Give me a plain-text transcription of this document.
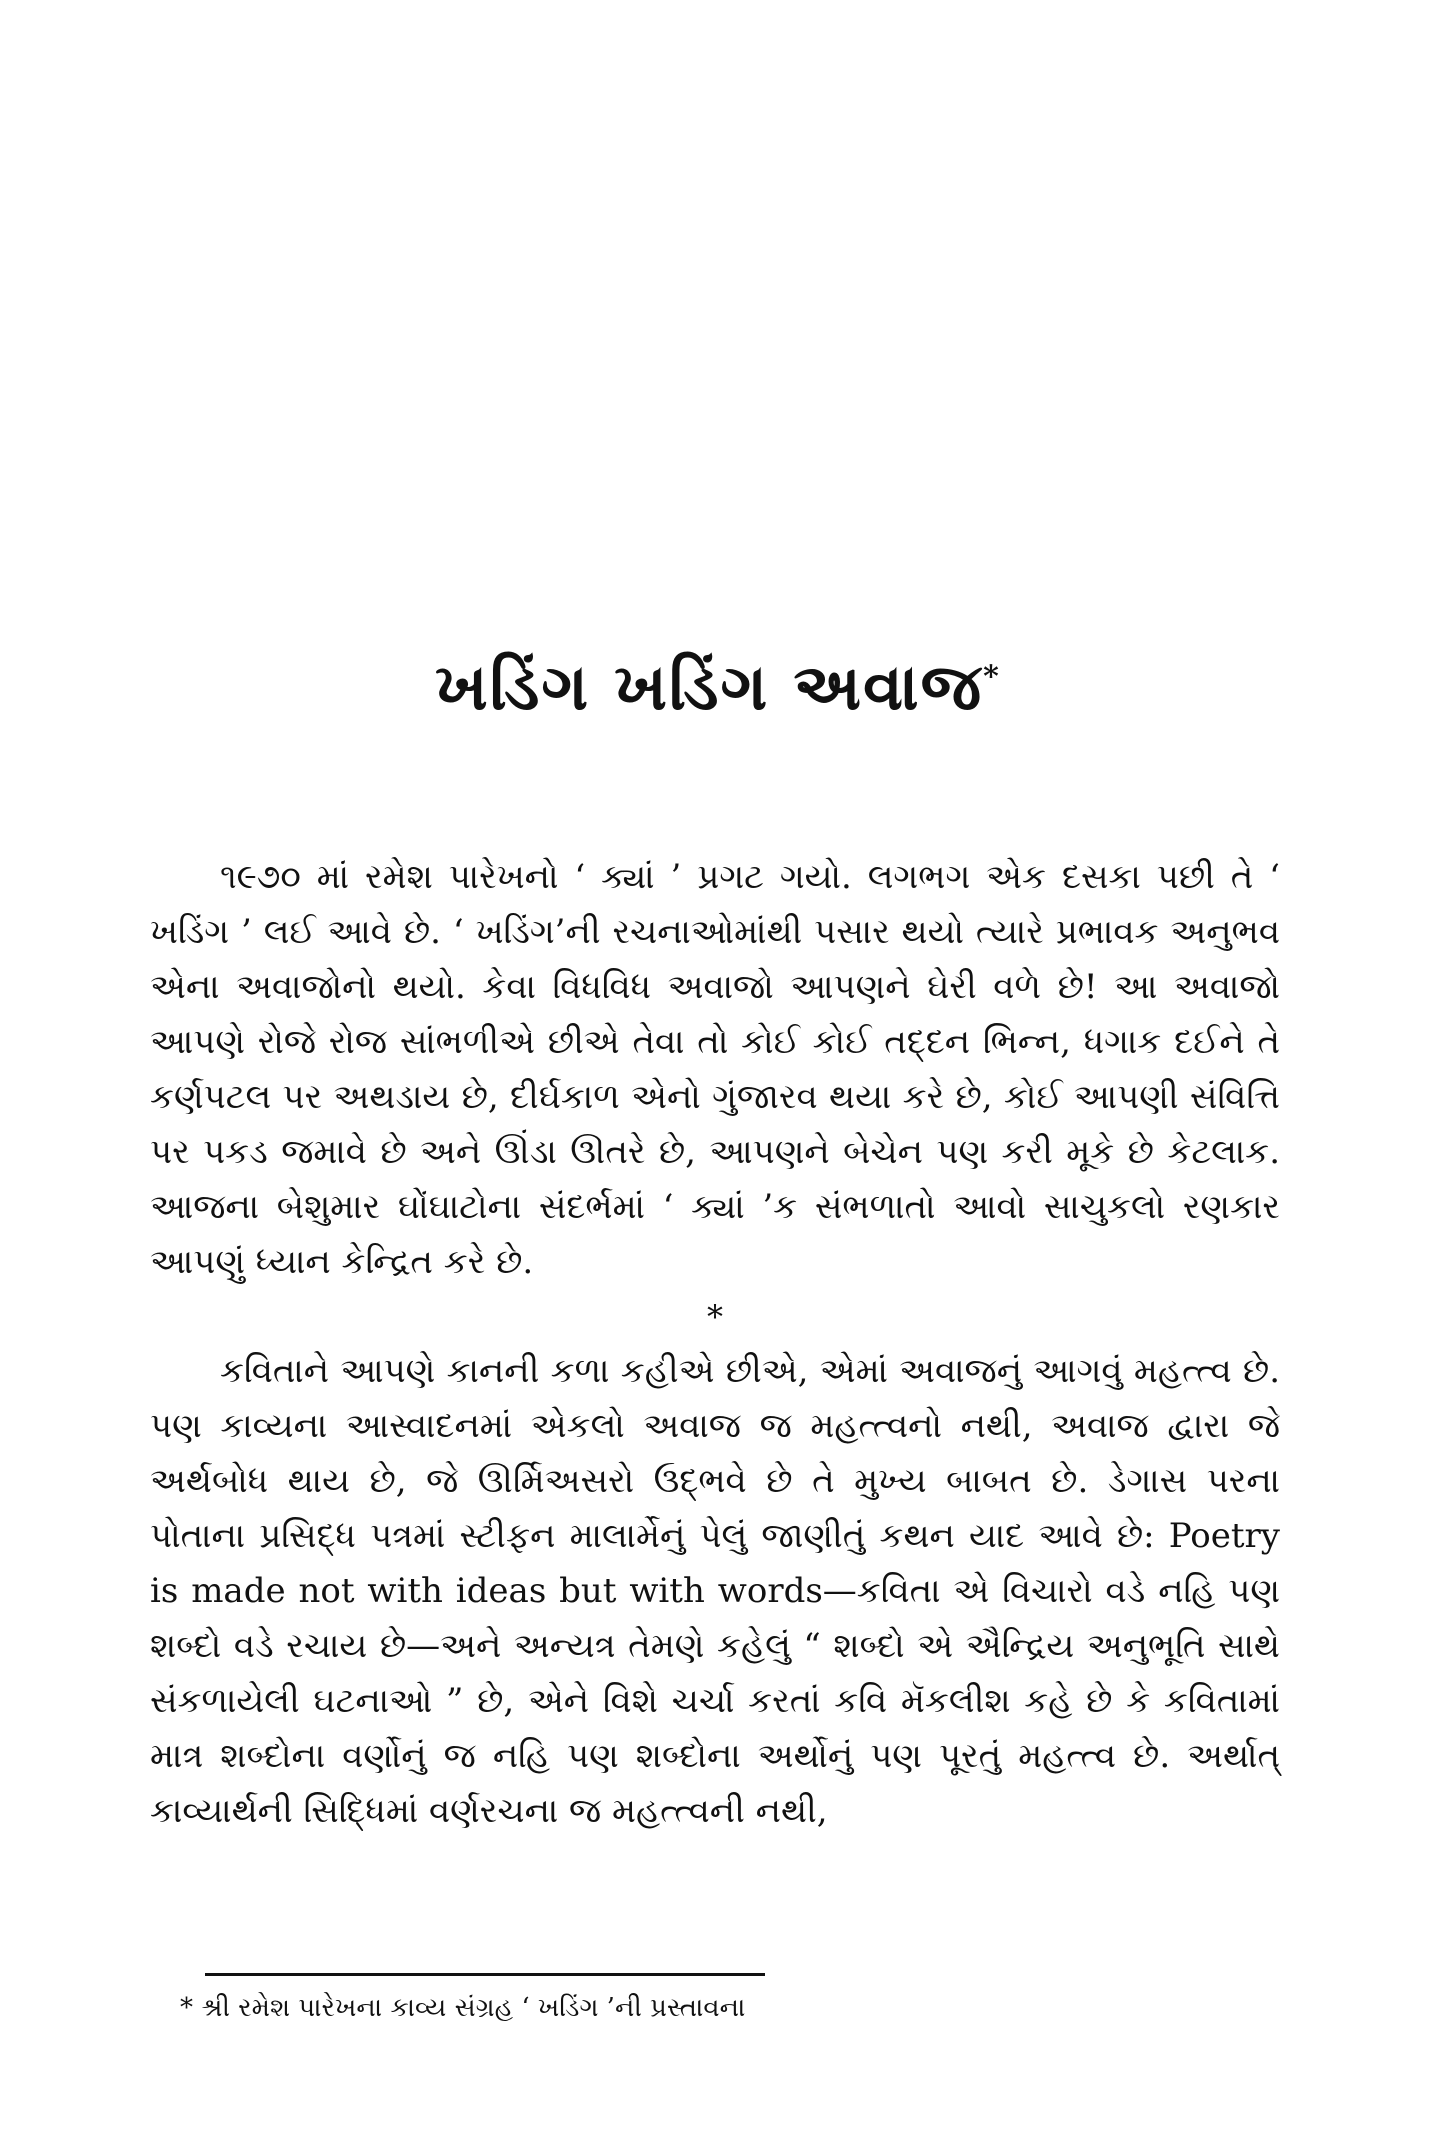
ખડિંગ ખડિંગ અવાજ*

૧૯૭૦ માં રમેશ પારેખનો ‘ ક્યાં ’ પ્રગટ ગયો. લગભગ એક દસકા પછી તે ‘ ખડિંગ ’ લઈ આવે છે. ‘ ખડિંગ’ની રચનાઓમાંથી પસાર થયો ત્યારે પ્રભાવક અનુભવ એના અવાજોનો થયો. કેવા વિધવિધ અવાજો આપણને ઘેરી વળે છે! આ અવાજો આપણે રોજે રોજ સાંભળીએ છીએ તેવા તો કોઈ કોઈ તદ્દન ભિન્ન, ધગાક દઈને તે કર્ણપટલ પર અથડાય છે, દીર્ઘકાળ એનો ગુંજારવ થયા કરે છે, કોઈ આપણી સંવિત્તિ પર પકડ જમાવે છે અને ઊંડા ઊતરે છે, આપણને બેચેન પણ કરી મૂકે છે કેટલાક. આજના બેશુમાર ઘોંઘાટોના સંદર્ભમાં ‘ ક્યાં ’ક સંભળાતો આવો સાચુકલો રણકાર આપણું ધ્યાન કેન્દ્રિત કરે છે.

*

કવિતાને આપણે કાનની કળા કહીએ છીએ, એમાં અવાજનું આગવું મહત્ત્વ છે. પણ કાવ્યના આસ્વાદનમાં એકલો અવાજ જ મહત્ત્વનો નથી, અવાજ દ્વારા જે અર્થબોધ થાય છે, જે ઊર્મિઅસરો ઉદ્ભવે છે તે મુખ્ય બાબત છે. ડેગાસ પરના પોતાના પ્રસિદ્ધ પત્રમાં સ્ટીફન માલાર્મેનું પેલું જાણીતું કથન યાદ આવે છે: Poetry is made not with ideas but with words—કવિતા એ વિચારો વડે નહિ પણ શબ્દો વડે રચાય છે—અને અન્યત્ર તેમણે કહેલું “ શબ્દો એ ઐન્દ્રિય અનુભૂતિ સાથે સંકળાયેલી ઘટનાઓ ” છે, એને વિશે ચર્ચા કરતાં કવિ મૅકલીશ કહે છે કે કવિતામાં માત્ર શબ્દોના વર્ણોનું જ નહિ પણ શબ્દોના અર્થોનું પણ પૂરતું મહત્ત્વ છે. અર્થાત્ કાવ્યાર્થની સિદ્ધિમાં વર્ણરચના જ મહત્ત્વની નથી,

* શ્રી રમેશ પારેખના કાવ્ય સંગ્રહ ‘ ખડિંગ ’ની પ્રસ્તાવના
